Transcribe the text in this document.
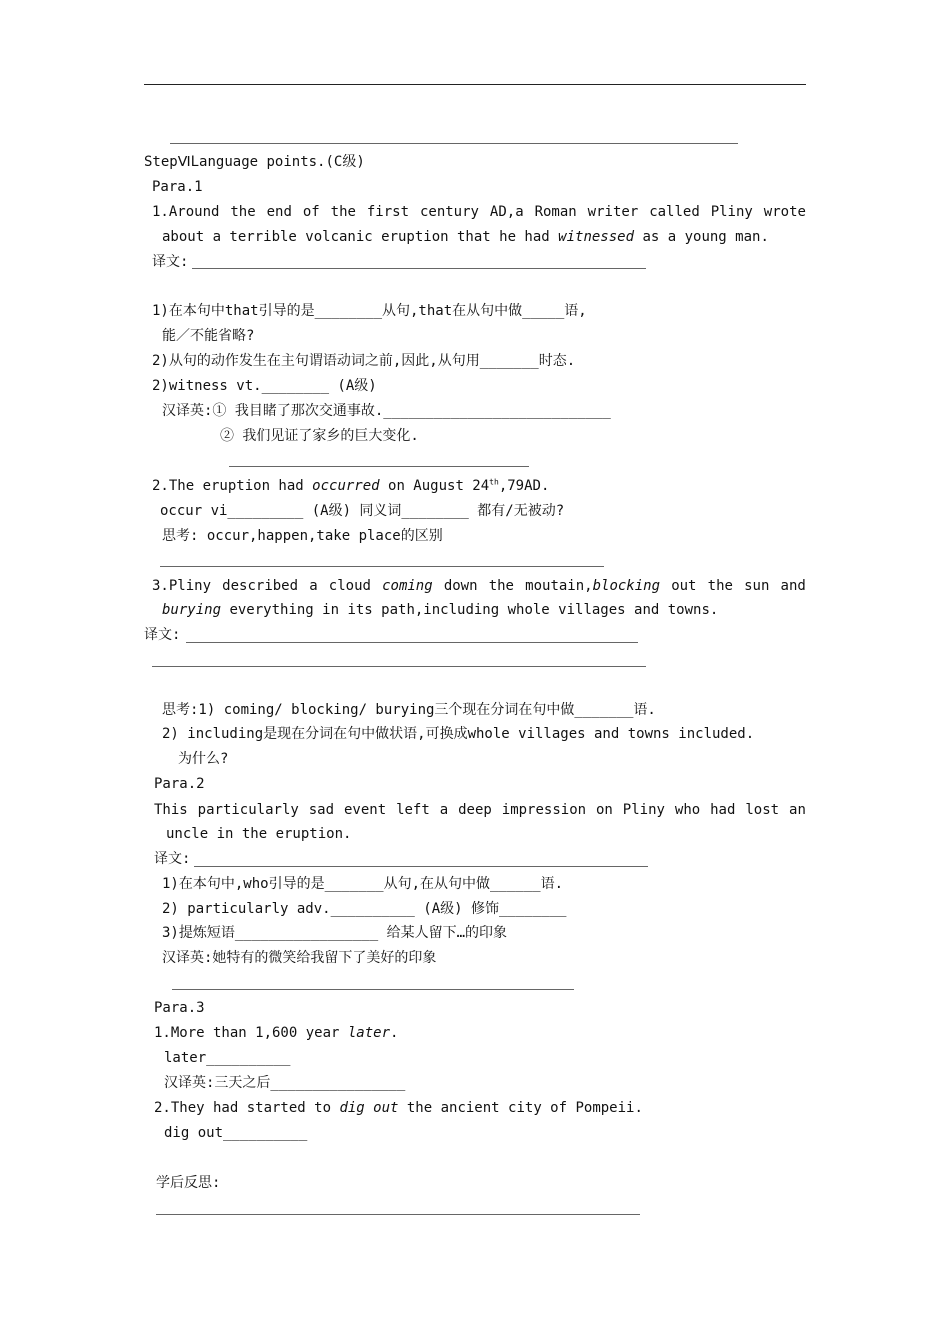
StepⅥLanguage points.(C级)
Para.1
1.Around the end of the first century AD,a Roman writer called Pliny wrote
about a terrible volcanic eruption that he had witnessed as a young man.
译文:
1)在本句中that引导的是________从句,that在从句中做_____语,
能／不能省略?
2)从句的动作发生在主句谓语动词之前,因此,从句用_______时态.
2)witness vt.________ (A级)
汉译英:① 我目睹了那次交通事故.___________________________
② 我们见证了家乡的巨大变化.
2.The eruption had occurred on August 24th,79AD.
occur vi_________ (A级) 同义词________ 都有/无被动?
思考: occur,happen,take place的区别
3.Pliny described a cloud coming down the moutain,blocking out the sun and
burying everything in its path,including whole villages and towns.
译文:
思考:1) coming/ blocking/ burying三个现在分词在句中做_______语.
2) including是现在分词在句中做状语,可换成whole villages and towns included.
为什么?
Para.2
This particularly sad event left a deep impression on Pliny who had lost an
uncle in the eruption.
译文:
1)在本句中,who引导的是_______从句,在从句中做______语.
2) particularly adv.__________ (A级) 修饰________
3)提炼短语_________________ 给某人留下…的印象
汉译英:她特有的微笑给我留下了美好的印象
Para.3
1.More than 1,600 year later.
later__________
汉译英:三天之后________________
2.They had started to dig out the ancient city of Pompeii.
dig out__________
学后反思:
